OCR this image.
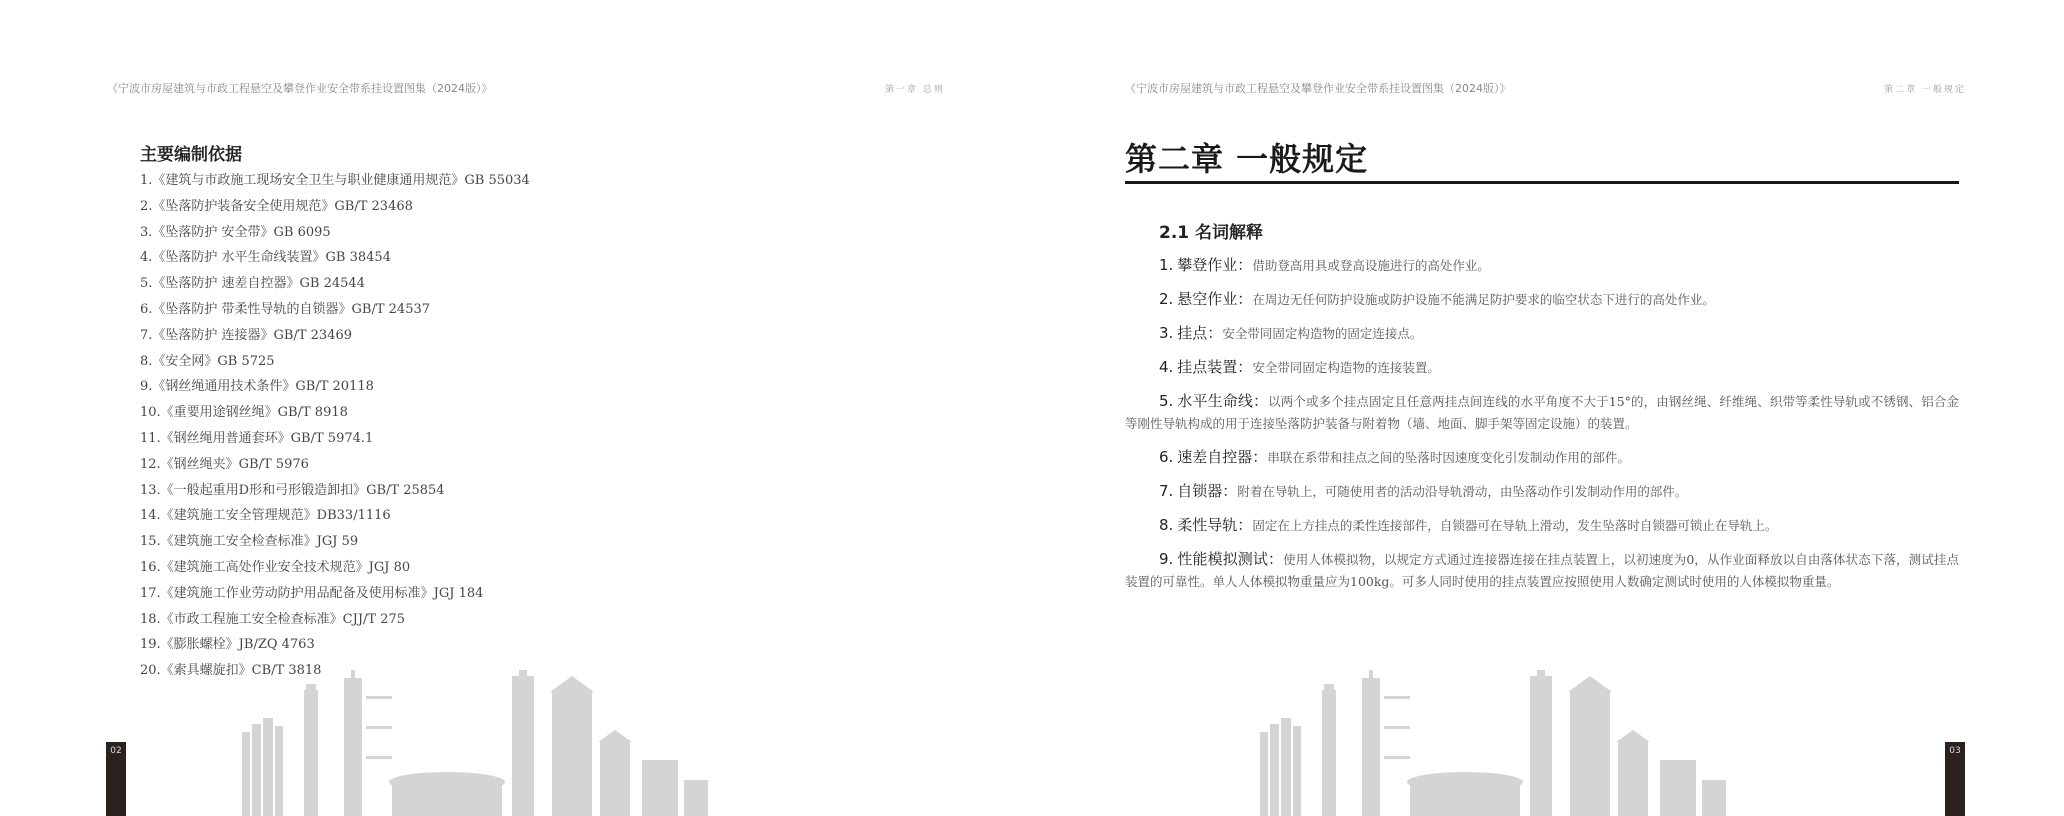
《宁波市房屋建筑与市政工程悬空及攀登作业安全带系挂设置图集（2024版）》	第一章 总则
主要编制依据
1.《建筑与市政施工现场安全卫生与职业健康通用规范》GB 55034
2.《坠落防护装备安全使用规范》GB/T 23468
3.《坠落防护 安全带》GB 6095
4.《坠落防护 水平生命线装置》GB 38454
5.《坠落防护 速差自控器》GB 24544
6.《坠落防护 带柔性导轨的自锁器》GB/T 24537
7.《坠落防护 连接器》GB/T 23469
8.《安全网》GB 5725
9.《钢丝绳通用技术条件》GB/T 20118
10.《重要用途钢丝绳》GB/T 8918
11.《钢丝绳用普通套环》GB/T 5974.1
12.《钢丝绳夹》GB/T 5976
13.《一般起重用D形和弓形锻造卸扣》GB/T 25854
14.《建筑施工安全管理规范》DB33/1116
15.《建筑施工安全检查标准》JGJ 59
16.《建筑施工高处作业安全技术规范》JGJ 80
17.《建筑施工作业劳动防护用品配备及使用标准》JGJ 184
18.《市政工程施工安全检查标准》CJJ/T 275
19.《膨胀螺栓》JB/ZQ 4763
20.《索具螺旋扣》CB/T 3818
02
《宁波市房屋建筑与市政工程悬空及攀登作业安全带系挂设置图集（2024版）》	第二章 一般规定
第二章 一般规定
2.1 名词解释

1. 攀登作业：借助登高用具或登高设施进行的高处作业。

2. 悬空作业：在周边无任何防护设施或防护设施不能满足防护要求的临空状态下进行的高处作业。

3. 挂点：安全带同固定构造物的固定连接点。

4. 挂点装置：安全带同固定构造物的连接装置。

5. 水平生命线：以两个或多个挂点固定且任意两挂点间连线的水平角度不大于15°的，由钢丝绳、纤维绳、织带等柔性导轨或不锈钢、铝合金等刚性导轨构成的用于连接坠落防护装备与附着物（墙、地面、脚手架等固定设施）的装置。

6. 速差自控器：串联在系带和挂点之间的坠落时因速度变化引发制动作用的部件。

7. 自锁器：附着在导轨上，可随使用者的活动沿导轨滑动，由坠落动作引发制动作用的部件。

8. 柔性导轨：固定在上方挂点的柔性连接部件，自锁器可在导轨上滑动，发生坠落时自锁器可锁止在导轨上。

9. 性能模拟测试：使用人体模拟物，以规定方式通过连接器连接在挂点装置上，以初速度为0，从作业面释放以自由落体状态下落，测试挂点装置的可靠性。单人人体模拟物重量应为100kg。可多人同时使用的挂点装置应按照使用人数确定测试时使用的人体模拟物重量。

03
